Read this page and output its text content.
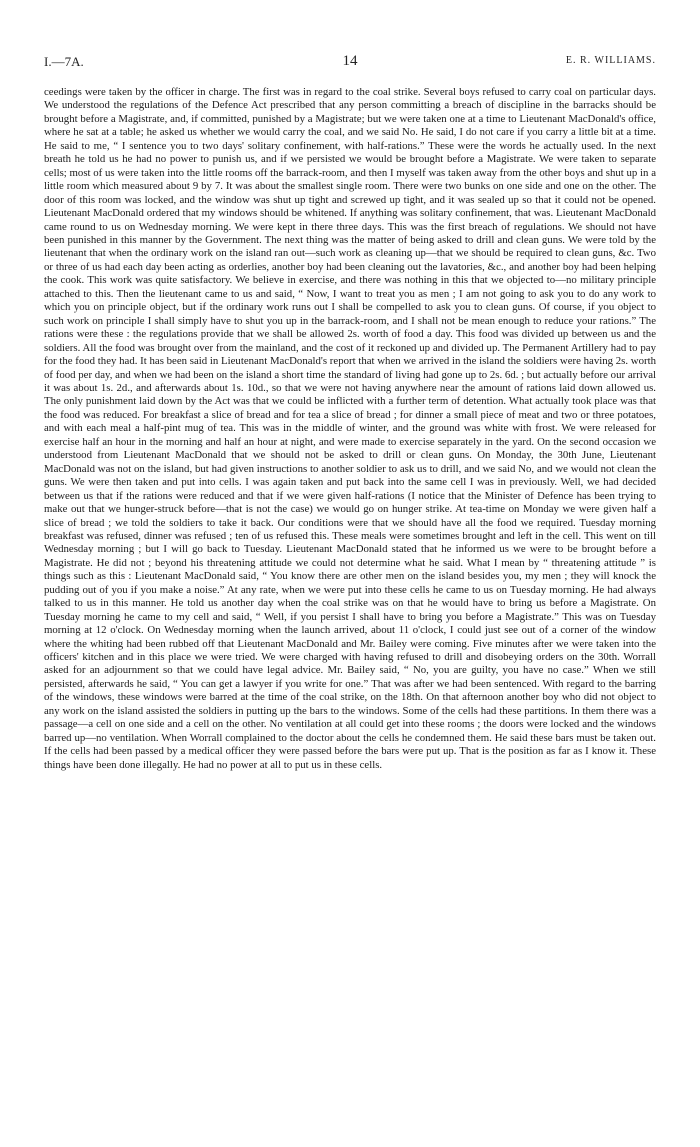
I.—7A.	14	E. R. WILLIAMS.

ceedings were taken by the officer in charge. The first was in regard to the coal strike. Several boys refused to carry coal on particular days. We understood the regulations of the Defence Act prescribed that any person committing a breach of discipline in the barracks should be brought before a Magistrate, and, if committed, punished by a Magistrate; but we were taken one at a time to Lieutenant MacDonald's office, where he sat at a table; he asked us whether we would carry the coal, and we said No. He said, I do not care if you carry a little bit at a time. He said to me, “ I sentence you to two days' solitary confinement, with half-rations.” These were the words he actually used. In the next breath he told us he had no power to punish us, and if we persisted we would be brought before a Magistrate. We were taken to separate cells; most of us were taken into the little rooms off the barrack-room, and then I myself was taken away from the other boys and shut up in a little room which measured about 9 by 7. It was about the smallest single room. There were two bunks on one side and one on the other. The door of this room was locked, and the window was shut up tight and screwed up tight, and it was sealed up so that it could not be opened. Lieutenant MacDonald ordered that my windows should be whitened. If anything was solitary confinement, that was. Lieutenant MacDonald came round to us on Wednesday morning. We were kept in there three days. This was the first breach of regulations. We should not have been punished in this manner by the Government. The next thing was the matter of being asked to drill and clean guns. We were told by the lieutenant that when the ordinary work on the island ran out—such work as cleaning up—that we should be required to clean guns, &c. Two or three of us had each day been acting as orderlies, another boy had been cleaning out the lavatories, &c., and another boy had been helping the cook. This work was quite satisfactory. We believe in exercise, and there was nothing in this that we objected to—no military principle attached to this. Then the lieutenant came to us and said, “ Now, I want to treat you as men ; I am not going to ask you to do any work to which you on principle object, but if the ordinary work runs out I shall be compelled to ask you to clean guns. Of course, if you object to such work on principle I shall simply have to shut you up in the barrack-room, and I shall not be mean enough to reduce your rations.” The rations were these : the regulations provide that we shall be allowed 2s. worth of food a day. This food was divided up between us and the soldiers. All the food was brought over from the mainland, and the cost of it reckoned up and divided up. The Permanent Artillery had to pay for the food they had. It has been said in Lieutenant MacDonald's report that when we arrived in the island the soldiers were having 2s. worth of food per day, and when we had been on the island a short time the standard of living had gone up to 2s. 6d. ; but actually before our arrival it was about 1s. 2d., and afterwards about 1s. 10d., so that we were not having anywhere near the amount of rations laid down allowed us. The only punishment laid down by the Act was that we could be inflicted with a further term of detention. What actually took place was that the food was reduced. For breakfast a slice of bread and for tea a slice of bread ; for dinner a small piece of meat and two or three potatoes, and with each meal a half-pint mug of tea. This was in the middle of winter, and the ground was white with frost. We were released for exercise half an hour in the morning and half an hour at night, and were made to exercise separately in the yard. On the second occasion we understood from Lieutenant MacDonald that we should not be asked to drill or clean guns. On Monday, the 30th June, Lieutenant MacDonald was not on the island, but had given instructions to another soldier to ask us to drill, and we said No, and we would not clean the guns. We were then taken and put into cells. I was again taken and put back into the same cell I was in previously. Well, we had decided between us that if the rations were reduced and that if we were given half-rations (I notice that the Minister of Defence has been trying to make out that we hunger-struck before—that is not the case) we would go on hunger strike. At tea-time on Monday we were given half a slice of bread ; we told the soldiers to take it back. Our conditions were that we should have all the food we required. Tuesday morning breakfast was refused, dinner was refused ; ten of us refused this. These meals were sometimes brought and left in the cell. This went on till Wednesday morning ; but I will go back to Tuesday. Lieutenant MacDonald stated that he informed us we were to be brought before a Magistrate. He did not ; beyond his threatening attitude we could not determine what he said. What I mean by “ threatening attitude ” is things such as this : Lieutenant MacDonald said, “ You know there are other men on the island besides you, my men ; they will knock the pudding out of you if you make a noise.” At any rate, when we were put into these cells he came to us on Tuesday morning. He had always talked to us in this manner. He told us another day when the coal strike was on that he would have to bring us before a Magistrate. On Tuesday morning he came to my cell and said, “ Well, if you persist I shall have to bring you before a Magistrate.” This was on Tuesday morning at 12 o'clock. On Wednesday morning when the launch arrived, about 11 o'clock, I could just see out of a corner of the window where the whiting had been rubbed off that Lieutenant MacDonald and Mr. Bailey were coming. Five minutes after we were taken into the officers' kitchen and in this place we were tried. We were charged with having refused to drill and disobeying orders on the 30th. Worrall asked for an adjournment so that we could have legal advice. Mr. Bailey said, “ No, you are guilty, you have no case.” When we still persisted, afterwards he said, “ You can get a lawyer if you write for one.” That was after we had been sentenced. With regard to the barring of the windows, these windows were barred at the time of the coal strike, on the 18th. On that afternoon another boy who did not object to any work on the island assisted the soldiers in putting up the bars to the windows. Some of the cells had these partitions. In them there was a passage—a cell on one side and a cell on the other. No ventilation at all could get into these rooms ; the doors were locked and the windows barred up—no ventilation. When Worrall complained to the doctor about the cells he condemned them. He said these bars must be taken out. If the cells had been passed by a medical officer they were passed before the bars were put up. That is the position as far as I know it. These things have been done illegally. He had no power at all to put us in these cells.
